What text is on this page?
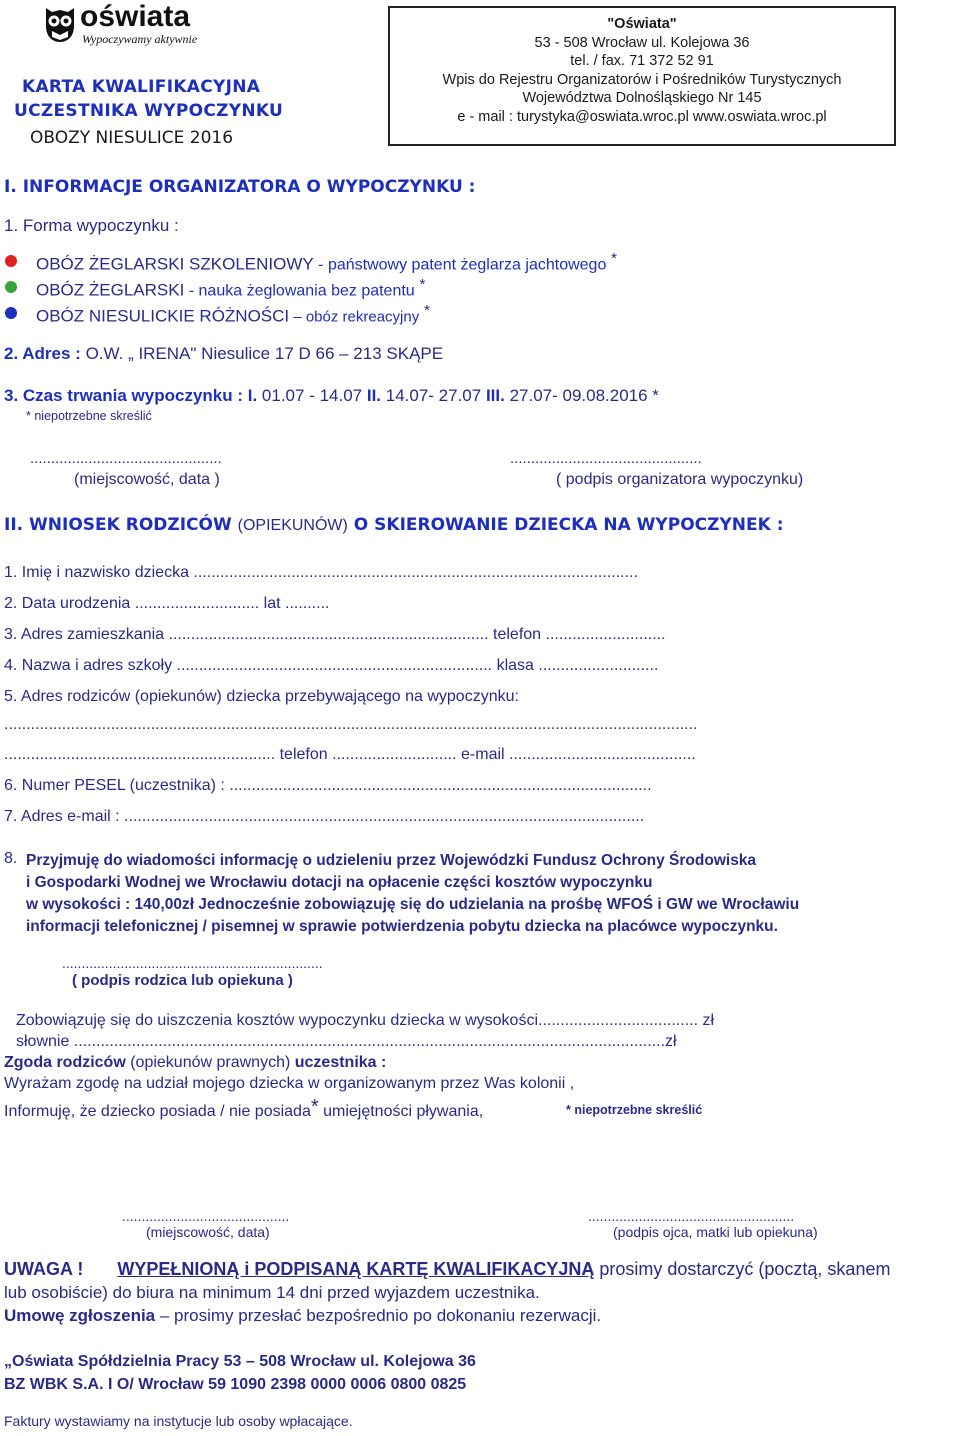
oświata
Wypoczywamy aktywnie
KARTA KWALIFIKACYJNA
UCZESTNIKA WYPOCZYNKU
OBOZY NIESULICE 2016
"Oświata"
53 - 508 Wrocław ul. Kolejowa 36
tel. / fax. 71 372 52 91
Wpis do Rejestru Organizatorów i Pośredników Turystycznych
Województwa Dolnośląskiego Nr 145
e - mail : turystyka@oswiata.wroc.pl www.oswiata.wroc.pl
I. INFORMACJE ORGANIZATORA O WYPOCZYNKU :
1. Forma wypoczynku :
OBÓZ ŻEGLARSKI SZKOLENIOWY - państwowy patent żeglarza jachtowego *
OBÓZ ŻEGLARSKI - nauka żeglowania bez patentu *
OBÓZ NIESULICKIE RÓŻNOŚCI – obóz rekreacyjny *
2. Adres : O.W. „ IRENA" Niesulice 17 D 66 – 213 SKĄPE
3. Czas trwania wypoczynku : I. 01.07 - 14.07 II. 14.07- 27.07 III. 27.07- 09.08.2016 *
* niepotrzebne skreślić
..............................................	..............................................
(miejscowość, data )	( podpis organizatora wypoczynku)
II. WNIOSEK RODZICÓW (OPIEKUNÓW) O SKIEROWANIE DZIECKA NA WYPOCZYNEK :
1. Imię i nazwisko dziecka ....................................................................................................
2. Data urodzenia ............................ lat ..........
3. Adres zamieszkania ........................................................................ telefon ...........................
4. Nazwa i adres szkoły ....................................................................... klasa ...........................
5. Adres rodziców (opiekunów) dziecka przebywającego na wypoczynku:
............................................................................................................................................................
............................................................. telefon ............................ e-mail ..........................................
6. Numer PESEL (uczestnika) : ...............................................................................................
7. Adres e-mail : .....................................................................................................................
8. Przyjmuję do wiadomości informację o udzieleniu przez Wojewódzki Fundusz Ochrony Środowiska
i Gospodarki Wodnej we Wrocławiu dotacji na opłacenie części kosztów wypoczynku
w wysokości : 140,00zł Jednocześnie zobowiązuję się do udzielania na prośbę WFOŚ i GW we Wrocławiu
informacji telefonicznej / pisemnej w sprawie potwierdzenia pobytu dziecka na placówce wypoczynku.
...................................................................
( podpis rodzica lub opiekuna )
Zobowiązuję się do uiszczenia kosztów wypoczynku dziecka w wysokości.................................... zł
słownie .....................................................................................................................................zł
Zgoda rodziców (opiekunów prawnych) uczestnika :
Wyrażam zgodę na udział mojego dziecka w organizowanym przez Was kolonii ,
Informuję, że dziecko posiada / nie posiada* umiejętności pływania,	* niepotrzebne skreślić
...........................................	.....................................................
(miejscowość, data)	(podpis ojca, matki lub opiekuna)
UWAGA ! WYPEŁNIONĄ i PODPISANĄ KARTĘ KWALIFIKACYJNĄ prosimy dostarczyć (pocztą, skanem
lub osobiście) do biura na minimum 14 dni przed wyjazdem uczestnika.
Umowę zgłoszenia – prosimy przesłać bezpośrednio po dokonaniu rezerwacji.
„Oświata Spółdzielnia Pracy 53 – 508 Wrocław ul. Kolejowa 36
BZ WBK S.A. I O/ Wrocław 59 1090 2398 0000 0006 0800 0825
Faktury wystawiamy na instytucje lub osoby wpłacające.
